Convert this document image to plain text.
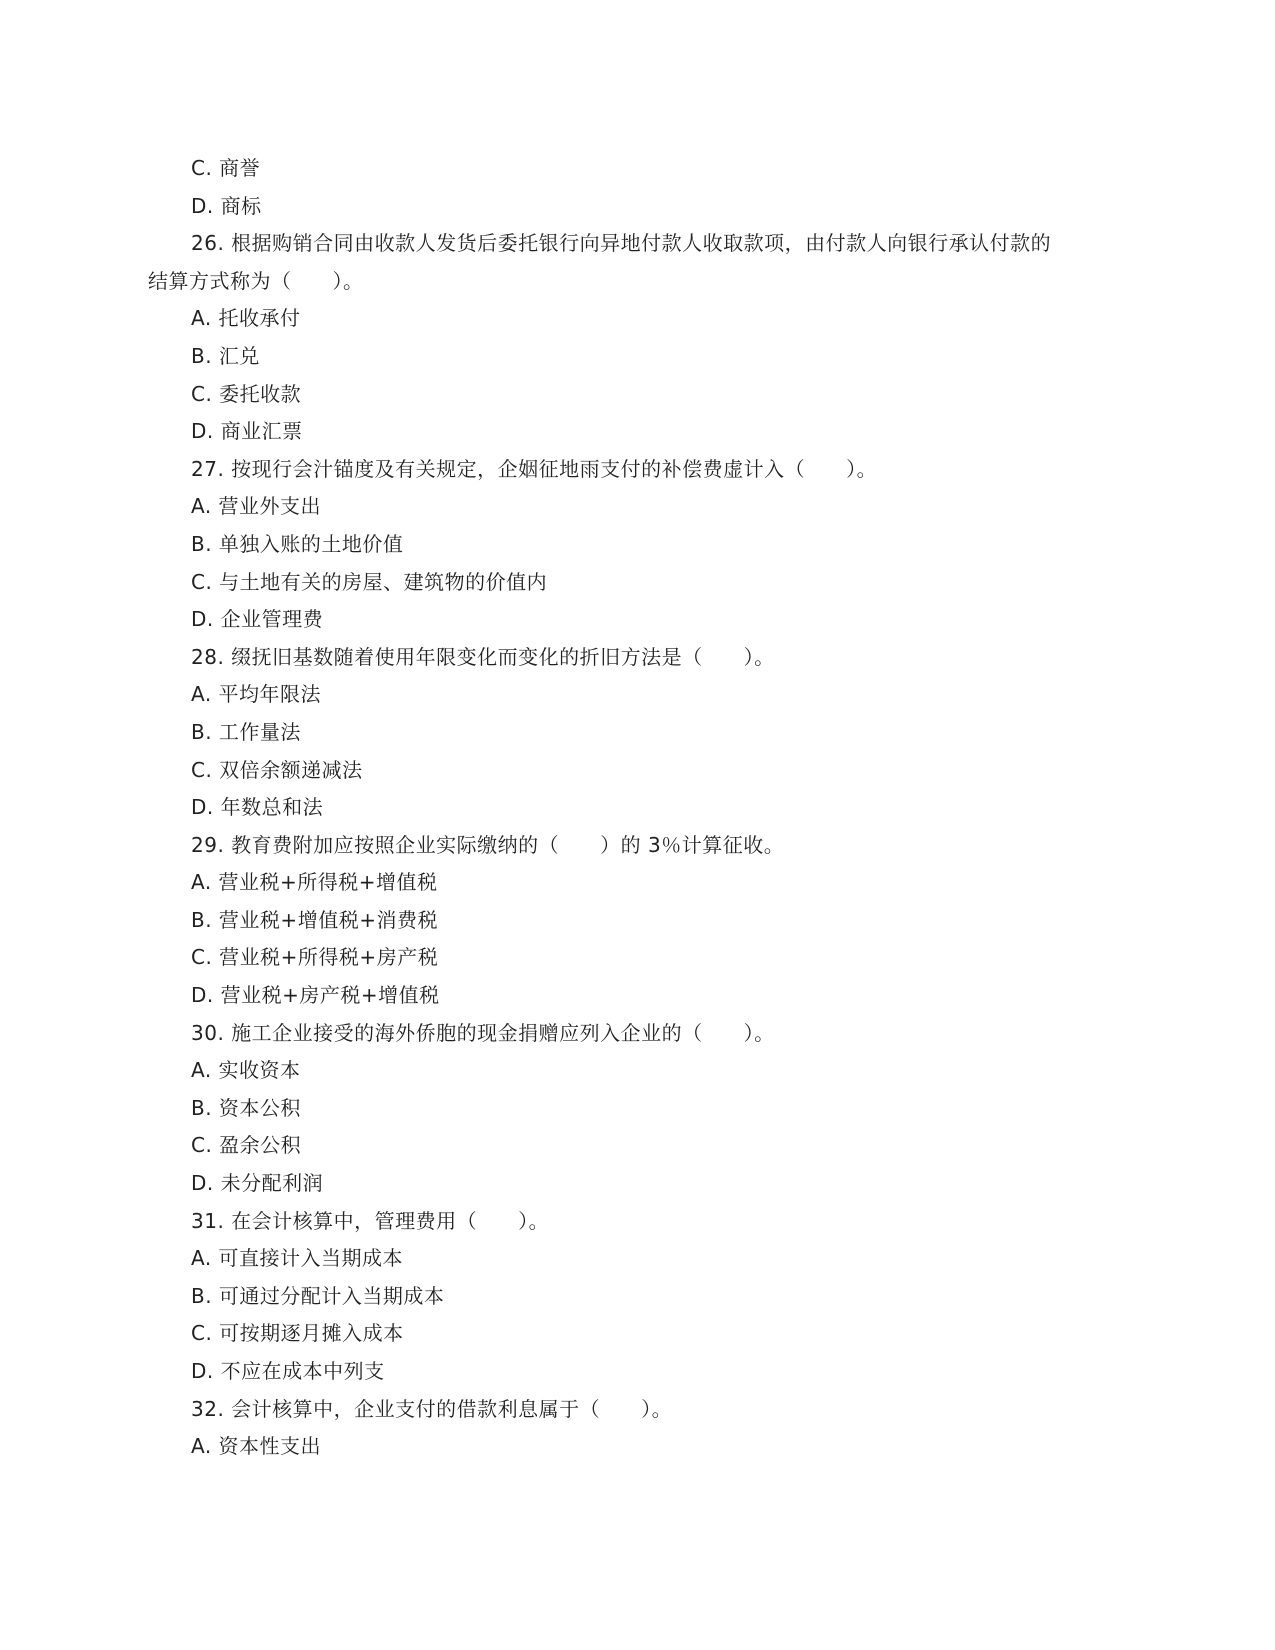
C. 商誉
D. 商标
26. 根据购销合同由收款人发货后委托银行向异地付款人收取款项，由付款人向银行承认付款的
结算方式称为（　　）。
A. 托收承付
B. 汇兑
C. 委托收款
D. 商业汇票
27. 按现行会汁锚度及有关规定，企姻征地雨支付的补偿费虚计入（　　）。
A. 营业外支出
B. 单独入账的土地价值
C. 与土地有关的房屋、建筑物的价值内
D. 企业管理费
28. 缀抚旧基数随着使用年限变化而变化的折旧方法是（　　）。
A. 平均年限法
B. 工作量法
C. 双倍余额递减法
D. 年数总和法
29. 教育费附加应按照企业实际缴纳的（　　）的 3％计算征收。
A. 营业税+所得税+增值税
B. 营业税+增值税+消费税
C. 营业税+所得税+房产税
D. 营业税+房产税+增值税
30. 施工企业接受的海外侨胞的现金捐赠应列入企业的（　　）。
A. 实收资本
B. 资本公积
C. 盈余公积
D. 未分配利润
31. 在会计核算中，管理费用（　　）。
A. 可直接计入当期成本
B. 可通过分配计入当期成本
C. 可按期逐月摊入成本
D. 不应在成本中列支
32. 会计核算中，企业支付的借款利息属于（　　）。
A. 资本性支出
